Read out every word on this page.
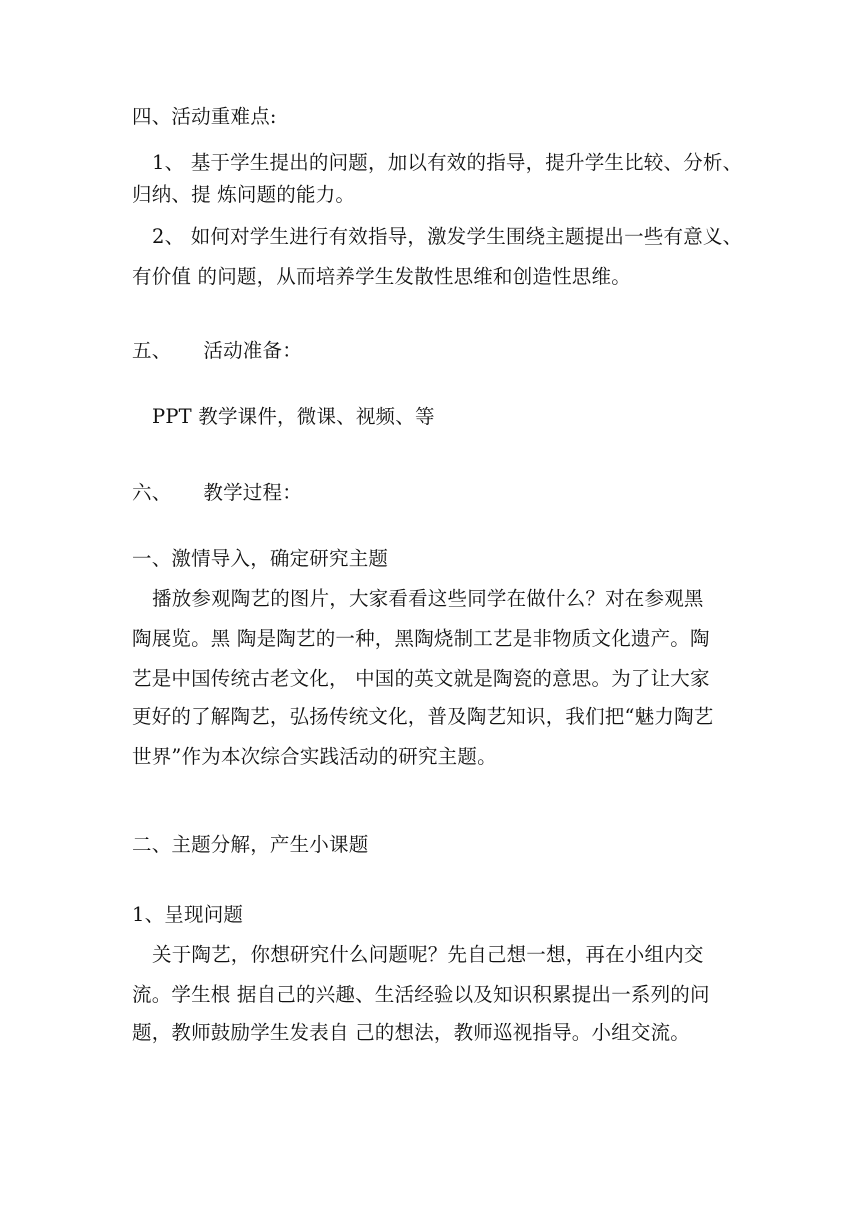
四、活动重难点:
1、 基于学生提出的问题，加以有效的指导，提升学生比较、分析、
归纳、提 炼问题的能力。
2、 如何对学生进行有效指导，激发学生围绕主题提出一些有意义、
有价值 的问题，从而培养学生发散性思维和创造性思维。
五、 活动准备：
PPT 教学课件，微课、视频、等
六、 教学过程：
一、激情导入，确定研究主题
播放参观陶艺的图片，大家看看这些同学在做什么？对在参观黑
陶展览。黑 陶是陶艺的一种，黑陶烧制工艺是非物质文化遗产。陶
艺是中国传统古老文化， 中国的英文就是陶瓷的意思。为了让大家
更好的了解陶艺，弘扬传统文化，普及陶艺知识，我们把“魅力陶艺
世界”作为本次综合实践活动的研究主题。
二、主题分解，产生小课题
1、呈现问题
关于陶艺，你想研究什么问题呢？先自己想一想，再在小组内交
流。学生根 据自己的兴趣、生活经验以及知识积累提出一系列的问
题，教师鼓励学生发表自 己的想法，教师巡视指导。小组交流。
